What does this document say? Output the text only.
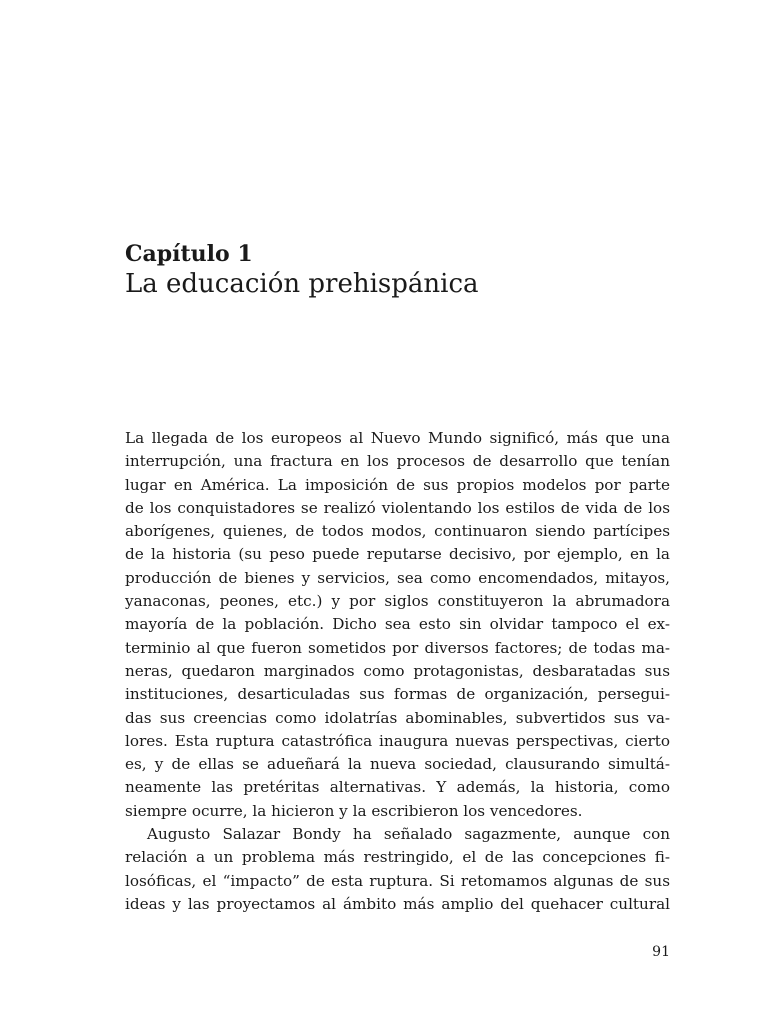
Capítulo 1
La educación prehispánica

La llegada de los europeos al Nuevo Mundo significó, más que una
interrupción, una fractura en los procesos de desarrollo que tenían
lugar en América. La imposición de sus propios modelos por parte
de los conquistadores se realizó violentando los estilos de vida de los
aborígenes, quienes, de todos modos, continuaron siendo partícipes
de la historia (su peso puede reputarse decisivo, por ejemplo, en la
producción de bienes y servicios, sea como encomendados, mitayos,
yanaconas, peones, etc.) y por siglos constituyeron la abrumadora
mayoría de la población. Dicho sea esto sin olvidar tampoco el ex-
terminio al que fueron sometidos por diversos factores; de todas ma-
neras, quedaron marginados como protagonistas, desbaratadas sus
instituciones, desarticuladas sus formas de organización, persegui-
das sus creencias como idolatrías abominables, subvertidos sus va-
lores. Esta ruptura catastrófica inaugura nuevas perspectivas, cierto
es, y de ellas se adueñará la nueva sociedad, clausurando simultá-
neamente las pretéritas alternativas. Y además, la historia, como
siempre ocurre, la hicieron y la escribieron los vencedores.

Augusto Salazar Bondy ha señalado sagazmente, aunque con
relación a un problema más restringido, el de las concepciones fi-
losóficas, el “impacto” de esta ruptura. Si retomamos algunas de sus
ideas y las proyectamos al ámbito más amplio del quehacer cultural

91
